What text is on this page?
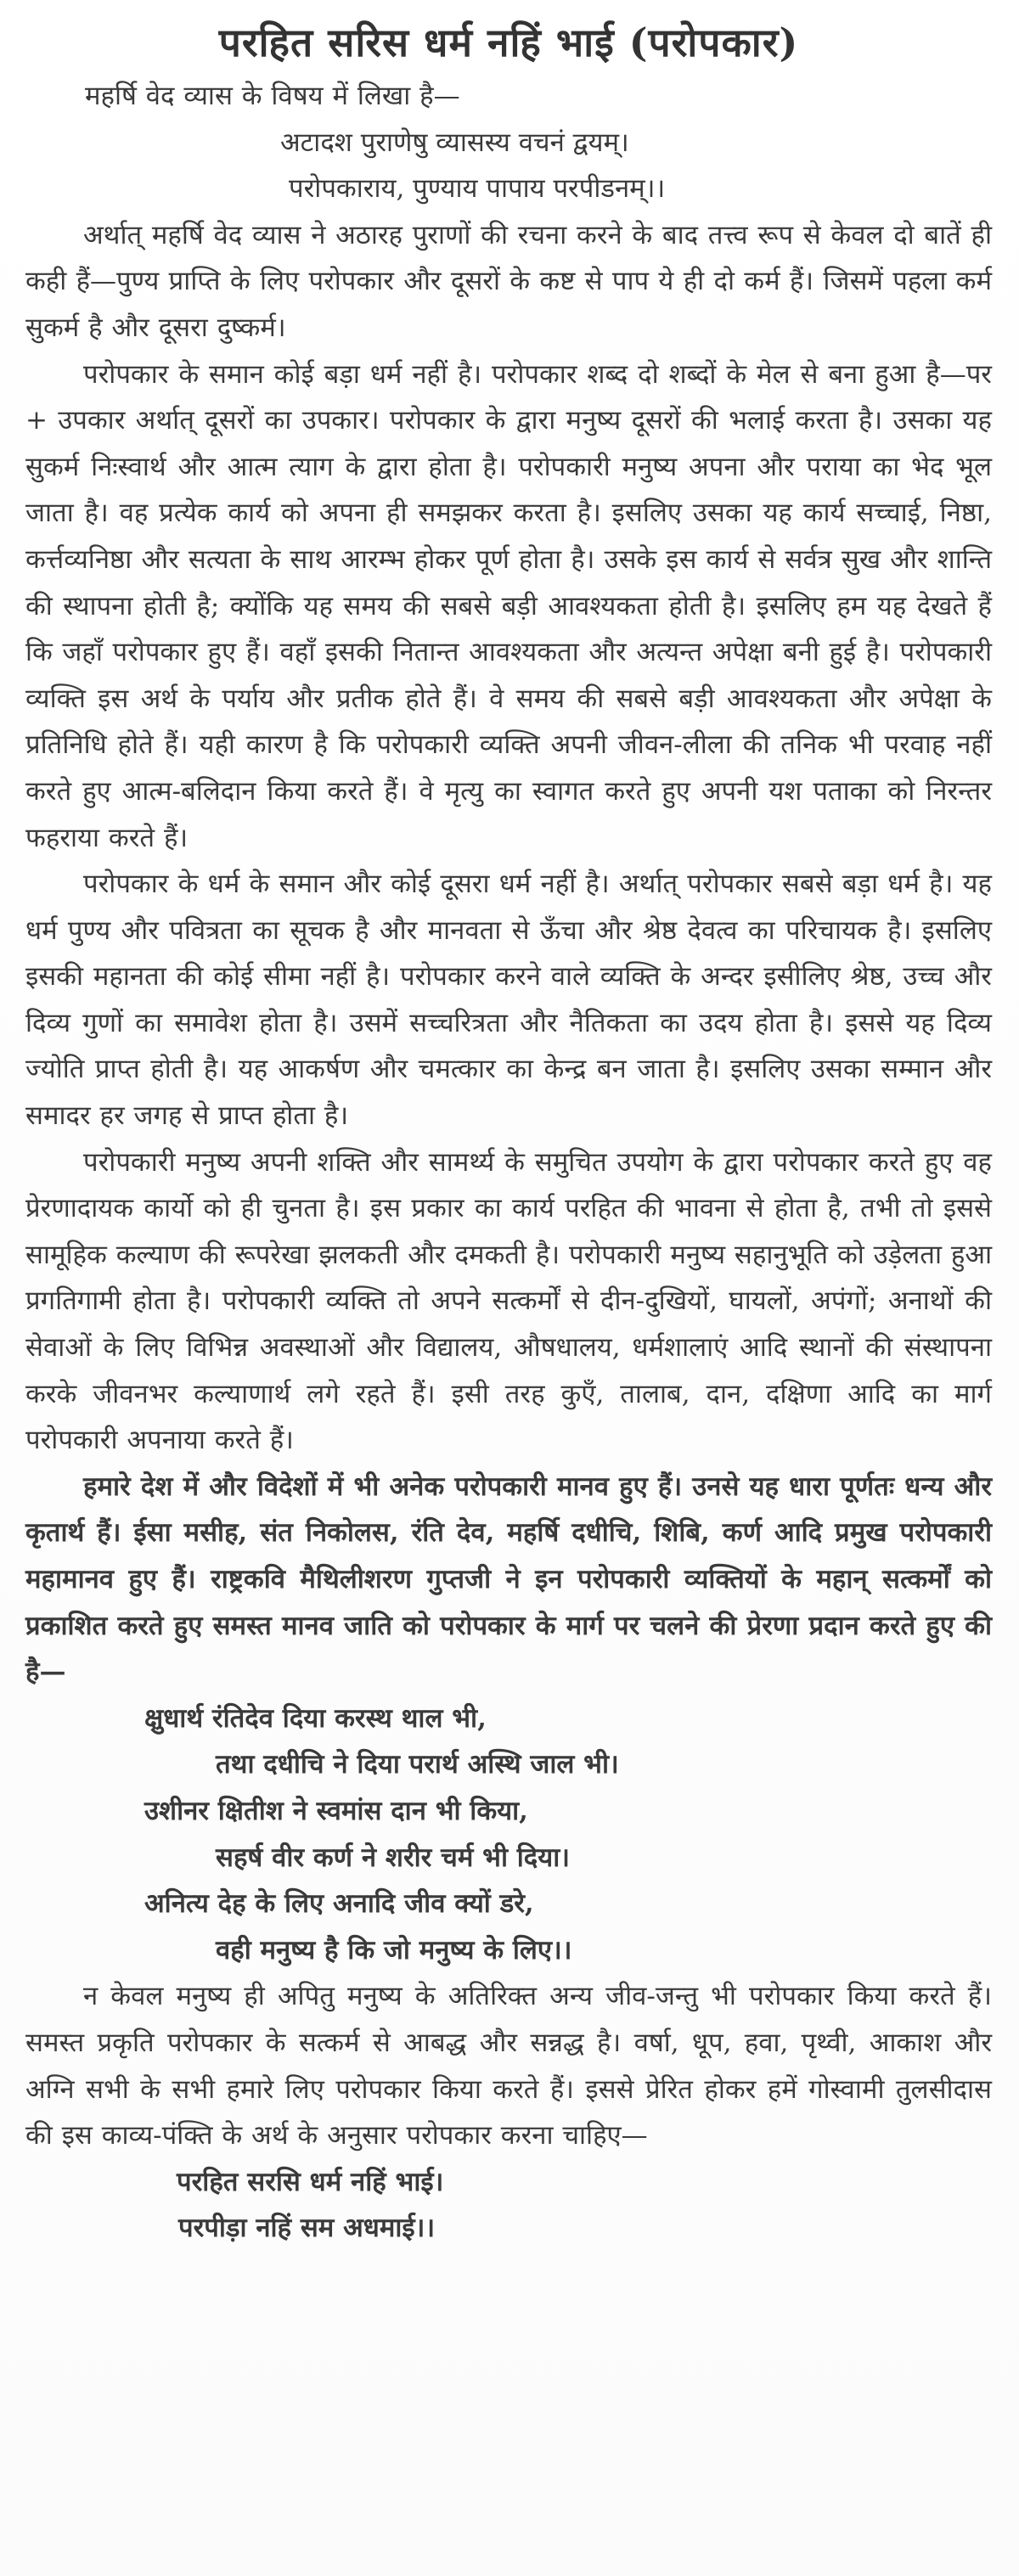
परहित सरिस धर्म नहिं भाई (परोपकार)

महर्षि वेद व्यास के विषय में लिखा है—

अटादश पुराणेषु व्यासस्य वचनं द्वयम्।
परोपकाराय, पुण्याय पापाय परपीडनम्।।

अर्थात् महर्षि वेद व्यास ने अठारह पुराणों की रचना करने के बाद तत्त्व रूप से केवल दो बातें ही कही हैं—पुण्य प्राप्ति के लिए परोपकार और दूसरों के कष्ट से पाप ये ही दो कर्म हैं। जिसमें पहला कर्म सुकर्म है और दूसरा दुष्कर्म।

परोपकार के समान कोई बड़ा धर्म नहीं है। परोपकार शब्द दो शब्दों के मेल से बना हुआ है—पर + उपकार अर्थात् दूसरों का उपकार। परोपकार के द्वारा मनुष्य दूसरों की भलाई करता है। उसका यह सुकर्म निःस्वार्थ और आत्म त्याग के द्वारा होता है। परोपकारी मनुष्य अपना और पराया का भेद भूल जाता है। वह प्रत्येक कार्य को अपना ही समझकर करता है। इसलिए उसका यह कार्य सच्चाई, निष्ठा, कर्त्तव्यनिष्ठा और सत्यता के साथ आरम्भ होकर पूर्ण होता है। उसके इस कार्य से सर्वत्र सुख और शान्ति की स्थापना होती है; क्योंकि यह समय की सबसे बड़ी आवश्यकता होती है। इसलिए हम यह देखते हैं कि जहाँ परोपकार हुए हैं। वहाँ इसकी नितान्त आवश्यकता और अत्यन्त अपेक्षा बनी हुई है। परोपकारी व्यक्ति इस अर्थ के पर्याय और प्रतीक होते हैं। वे समय की सबसे बड़ी आवश्यकता और अपेक्षा के प्रतिनिधि होते हैं। यही कारण है कि परोपकारी व्यक्ति अपनी जीवन-लीला की तनिक भी परवाह नहीं करते हुए आत्म-बलिदान किया करते हैं। वे मृत्यु का स्वागत करते हुए अपनी यश पताका को निरन्तर फहराया करते हैं।

परोपकार के धर्म के समान और कोई दूसरा धर्म नहीं है। अर्थात् परोपकार सबसे बड़ा धर्म है। यह धर्म पुण्य और पवित्रता का सूचक है और मानवता से ऊँचा और श्रेष्ठ देवत्व का परिचायक है। इसलिए इसकी महानता की कोई सीमा नहीं है। परोपकार करने वाले व्यक्ति के अन्दर इसीलिए श्रेष्ठ, उच्च और दिव्य गुणों का समावेश होता है। उसमें सच्चरित्रता और नैतिकता का उदय होता है। इससे यह दिव्य ज्योति प्राप्त होती है। यह आकर्षण और चमत्कार का केन्द्र बन जाता है। इसलिए उसका सम्मान और समादर हर जगह से प्राप्त होता है।

परोपकारी मनुष्य अपनी शक्ति और सामर्थ्य के समुचित उपयोग के द्वारा परोपकार करते हुए वह प्रेरणादायक कार्यो को ही चुनता है। इस प्रकार का कार्य परहित की भावना से होता है, तभी तो इससे सामूहिक कल्याण की रूपरेखा झलकती और दमकती है। परोपकारी मनुष्य सहानुभूति को उड़ेलता हुआ प्रगतिगामी होता है। परोपकारी व्यक्ति तो अपने सत्कर्मों से दीन-दुखियों, घायलों, अपंगों; अनाथों की सेवाओं के लिए विभिन्न अवस्थाओं और विद्यालय, औषधालय, धर्मशालाएं आदि स्थानों की संस्थापना करके जीवनभर कल्याणार्थ लगे रहते हैं। इसी तरह कुएँ, तालाब, दान, दक्षिणा आदि का मार्ग परोपकारी अपनाया करते हैं।

हमारे देश में और विदेशों में भी अनेक परोपकारी मानव हुए हैं। उनसे यह धारा पूर्णतः धन्य और कृतार्थ हैं। ईसा मसीह, संत निकोलस, रंति देव, महर्षि दधीचि, शिबि, कर्ण आदि प्रमुख परोपकारी महामानव हुए हैं। राष्ट्रकवि मैथिलीशरण गुप्तजी ने इन परोपकारी व्यक्तियों के महान् सत्कर्मों को प्रकाशित करते हुए समस्त मानव जाति को परोपकार के मार्ग पर चलने की प्रेरणा प्रदान करते हुए की है—

क्षुधार्थ रंतिदेव दिया करस्थ थाल भी,
तथा दधीचि ने दिया परार्थ अस्थि जाल भी।
उशीनर क्षितीश ने स्वमांस दान भी किया,
सहर्ष वीर कर्ण ने शरीर चर्म भी दिया।
अनित्य देह के लिए अनादि जीव क्यों डरे,
वही मनुष्य है कि जो मनुष्य के लिए।।

न केवल मनुष्य ही अपितु मनुष्य के अतिरिक्त अन्य जीव-जन्तु भी परोपकार किया करते हैं। समस्त प्रकृति परोपकार के सत्कर्म से आबद्ध और सन्नद्ध है। वर्षा, धूप, हवा, पृथ्वी, आकाश और अग्नि सभी के सभी हमारे लिए परोपकार किया करते हैं। इससे प्रेरित होकर हमें गोस्वामी तुलसीदास की इस काव्य-पंक्ति के अर्थ के अनुसार परोपकार करना चाहिए—

परहित सरसि धर्म नहिं भाई।
परपीड़ा नहिं सम अधमाई।।
